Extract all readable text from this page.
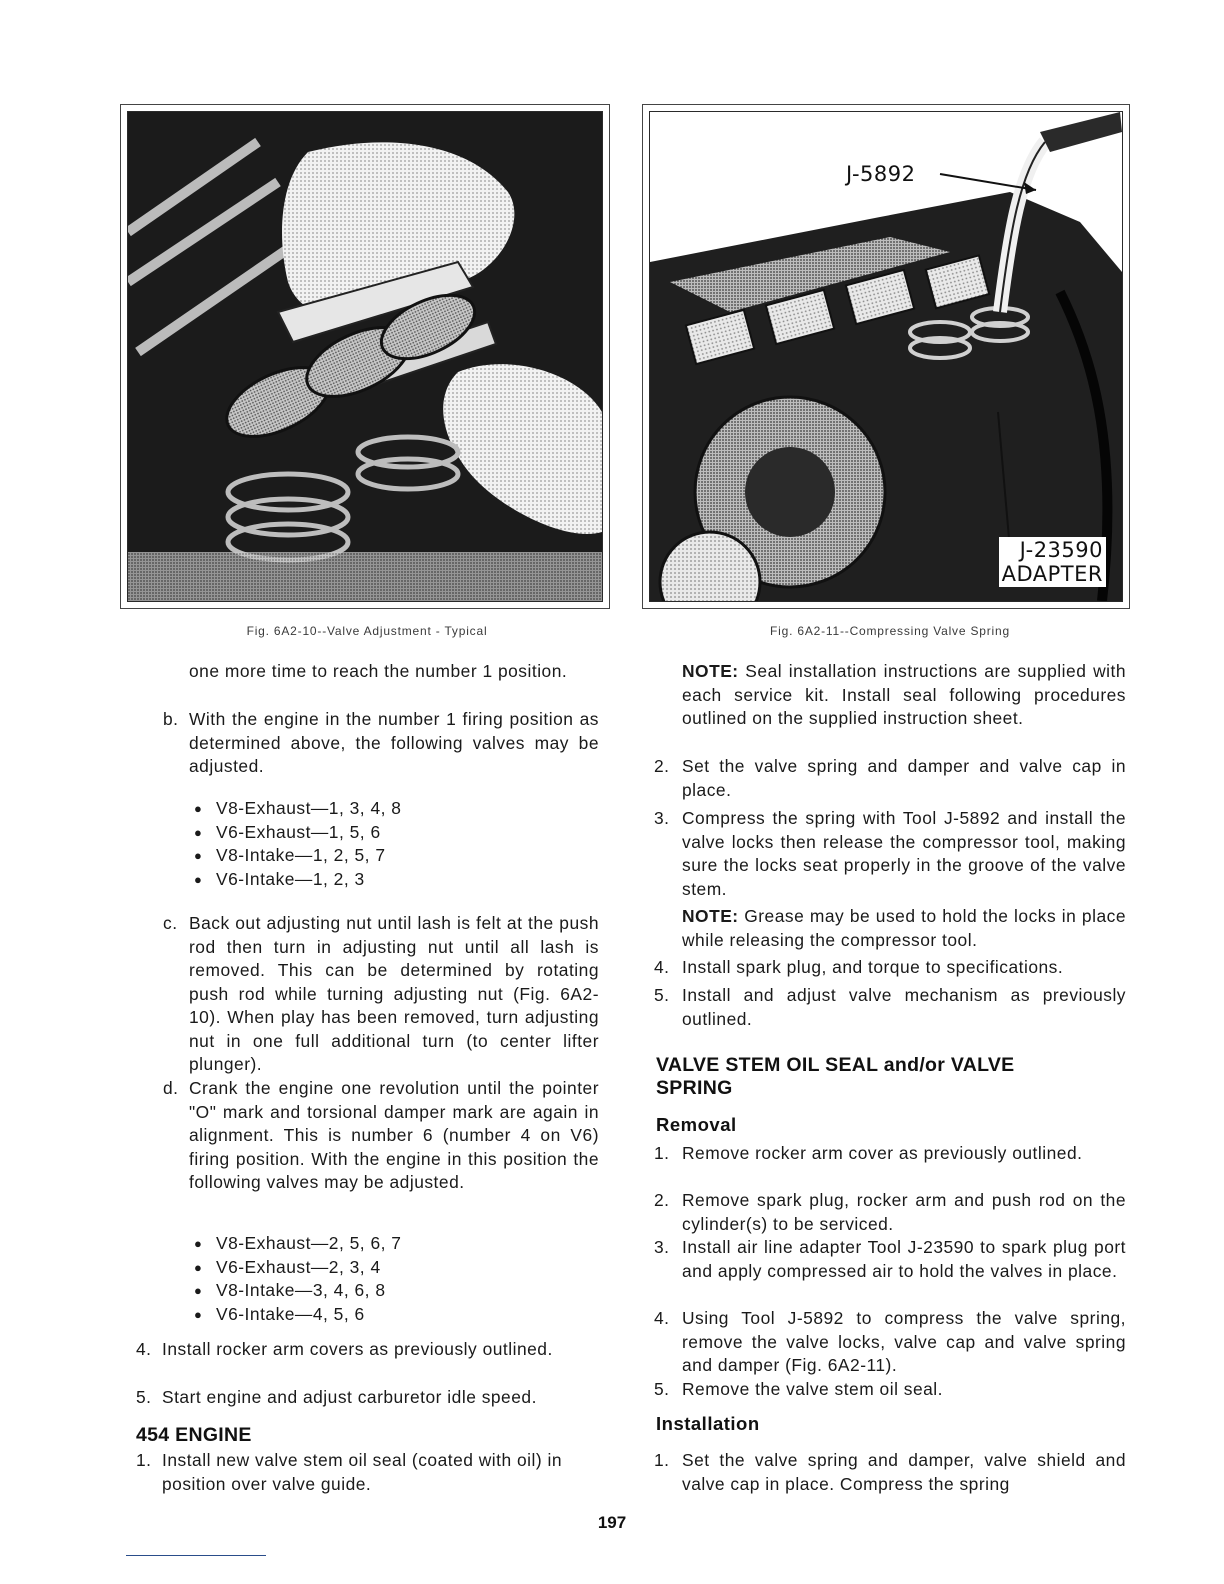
Fig. 6A2-10--Valve Adjustment - Typical
one more time to reach the number 1 position.
b. With the engine in the number 1 firing position as determined above, the following valves may be adjusted.
● V8-Exhaust—1, 3, 4, 8
● V6-Exhaust—1, 5, 6
● V8-Intake—1, 2, 5, 7
● V6-Intake—1, 2, 3
c. Back out adjusting nut until lash is felt at the push rod then turn in adjusting nut until all lash is removed. This can be determined by rotating push rod while turning adjusting nut (Fig. 6A2-10). When play has been removed, turn adjusting nut in one full additional turn (to center lifter plunger).
d. Crank the engine one revolution until the pointer "O" mark and torsional damper mark are again in alignment. This is number 6 (number 4 on V6) firing position. With the engine in this position the following valves may be adjusted.
● V8-Exhaust—2, 5, 6, 7
● V6-Exhaust—2, 3, 4
● V8-Intake—3, 4, 6, 8
● V6-Intake—4, 5, 6
4. Install rocker arm covers as previously outlined.
5. Start engine and adjust carburetor idle speed.
454 ENGINE
1. Install new valve stem oil seal (coated with oil) in position over valve guide.
J-5892
J-23590
ADAPTER
Fig. 6A2-11--Compressing Valve Spring
NOTE: Seal installation instructions are supplied with each service kit. Install seal following procedures outlined on the supplied instruction sheet.
2. Set the valve spring and damper and valve cap in place.
3. Compress the spring with Tool J-5892 and install the valve locks then release the compressor tool, making sure the locks seat properly in the groove of the valve stem.
NOTE: Grease may be used to hold the locks in place while releasing the compressor tool.
4. Install spark plug, and torque to specifications.
5. Install and adjust valve mechanism as previously outlined.
VALVE STEM OIL SEAL and/or VALVE
SPRING
Removal
1. Remove rocker arm cover as previously outlined.
2. Remove spark plug, rocker arm and push rod on the cylinder(s) to be serviced.
3. Install air line adapter Tool J-23590 to spark plug port and apply compressed air to hold the valves in place.
4. Using Tool J-5892 to compress the valve spring, remove the valve locks, valve cap and valve spring and damper (Fig. 6A2-11).
5. Remove the valve stem oil seal.
Installation
1. Set the valve spring and damper, valve shield and valve cap in place. Compress the spring
197
